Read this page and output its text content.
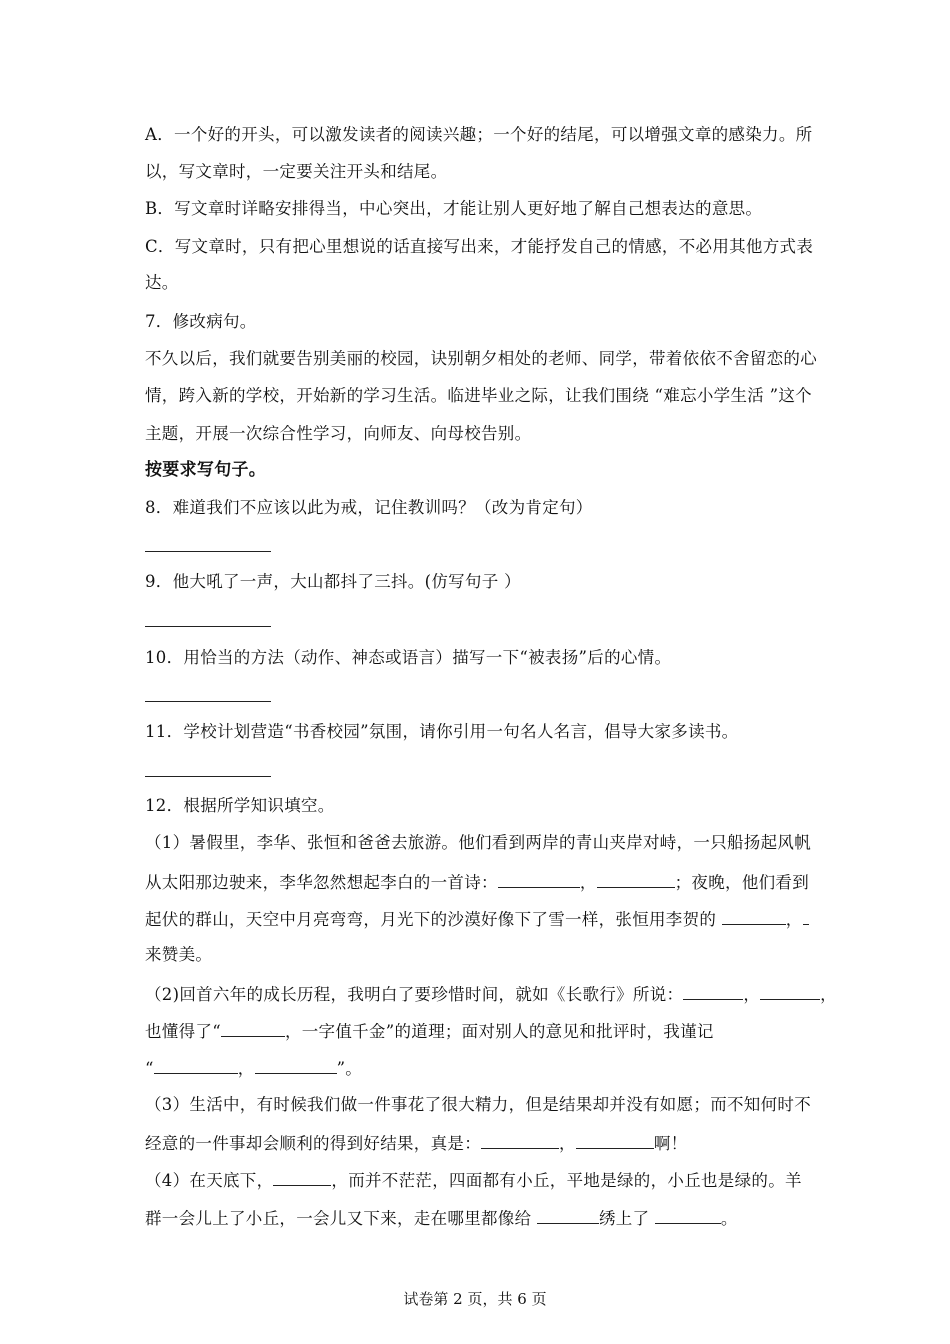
A．一个好的开头，可以激发读者的阅读兴趣；一个好的结尾，可以增强文章的感染力。所
以，写文章时，一定要关注开头和结尾。
B．写文章时详略安排得当，中心突出，才能让别人更好地了解自己想表达的意思。
C．写文章时，只有把心里想说的话直接写出来，才能抒发自己的情感，不必用其他方式表
达。
7．修改病句。
不久以后，我们就要告别美丽的校园，诀别朝夕相处的老师、同学，带着依依不舍留恋的心
情，跨入新的学校，开始新的学习生活。临进毕业之际，让我们围绕 “难忘小学生活 ”这个
主题，开展一次综合性学习，向师友、向母校告别。
按要求写句子。
8．难道我们不应该以此为戒，记住教训吗？（改为肯定句）
9．他大吼了一声，大山都抖了三抖。(仿写句子 ）
10．用恰当的方法（动作、神态或语言）描写一下“被表扬”后的心情。
11．学校计划营造“书香校园”氛围，请你引用一句名人名言，倡导大家多读书。
12．根据所学知识填空。
（1）暑假里，李华、张恒和爸爸去旅游。他们看到两岸的青山夹岸对峙，一只船扬起风帆
从太阳那边驶来，李华忽然想起李白的一首诗：	，	；夜晚，他们看到
起伏的群山，天空中月亮弯弯，月光下的沙漠好像下了雪一样，张恒用李贺的	，
来赞美。
（2)回首六年的成长历程，我明白了要珍惜时间，就如《长歌行》所说：	，	，
也懂得了“	，一字值千金”的道理；面对别人的意见和批评时，我谨记
“	，	”。
（3）生活中，有时候我们做一件事花了很大精力，但是结果却并没有如愿；而不知何时不
经意的一件事却会顺利的得到好结果，真是：	，	啊！
（4）在天底下，	，而并不茫茫，四面都有小丘，平地是绿的，小丘也是绿的。羊
群一会儿上了小丘，一会儿又下来，走在哪里都像给	绣上了	。
试卷第 2 页，共 6 页
